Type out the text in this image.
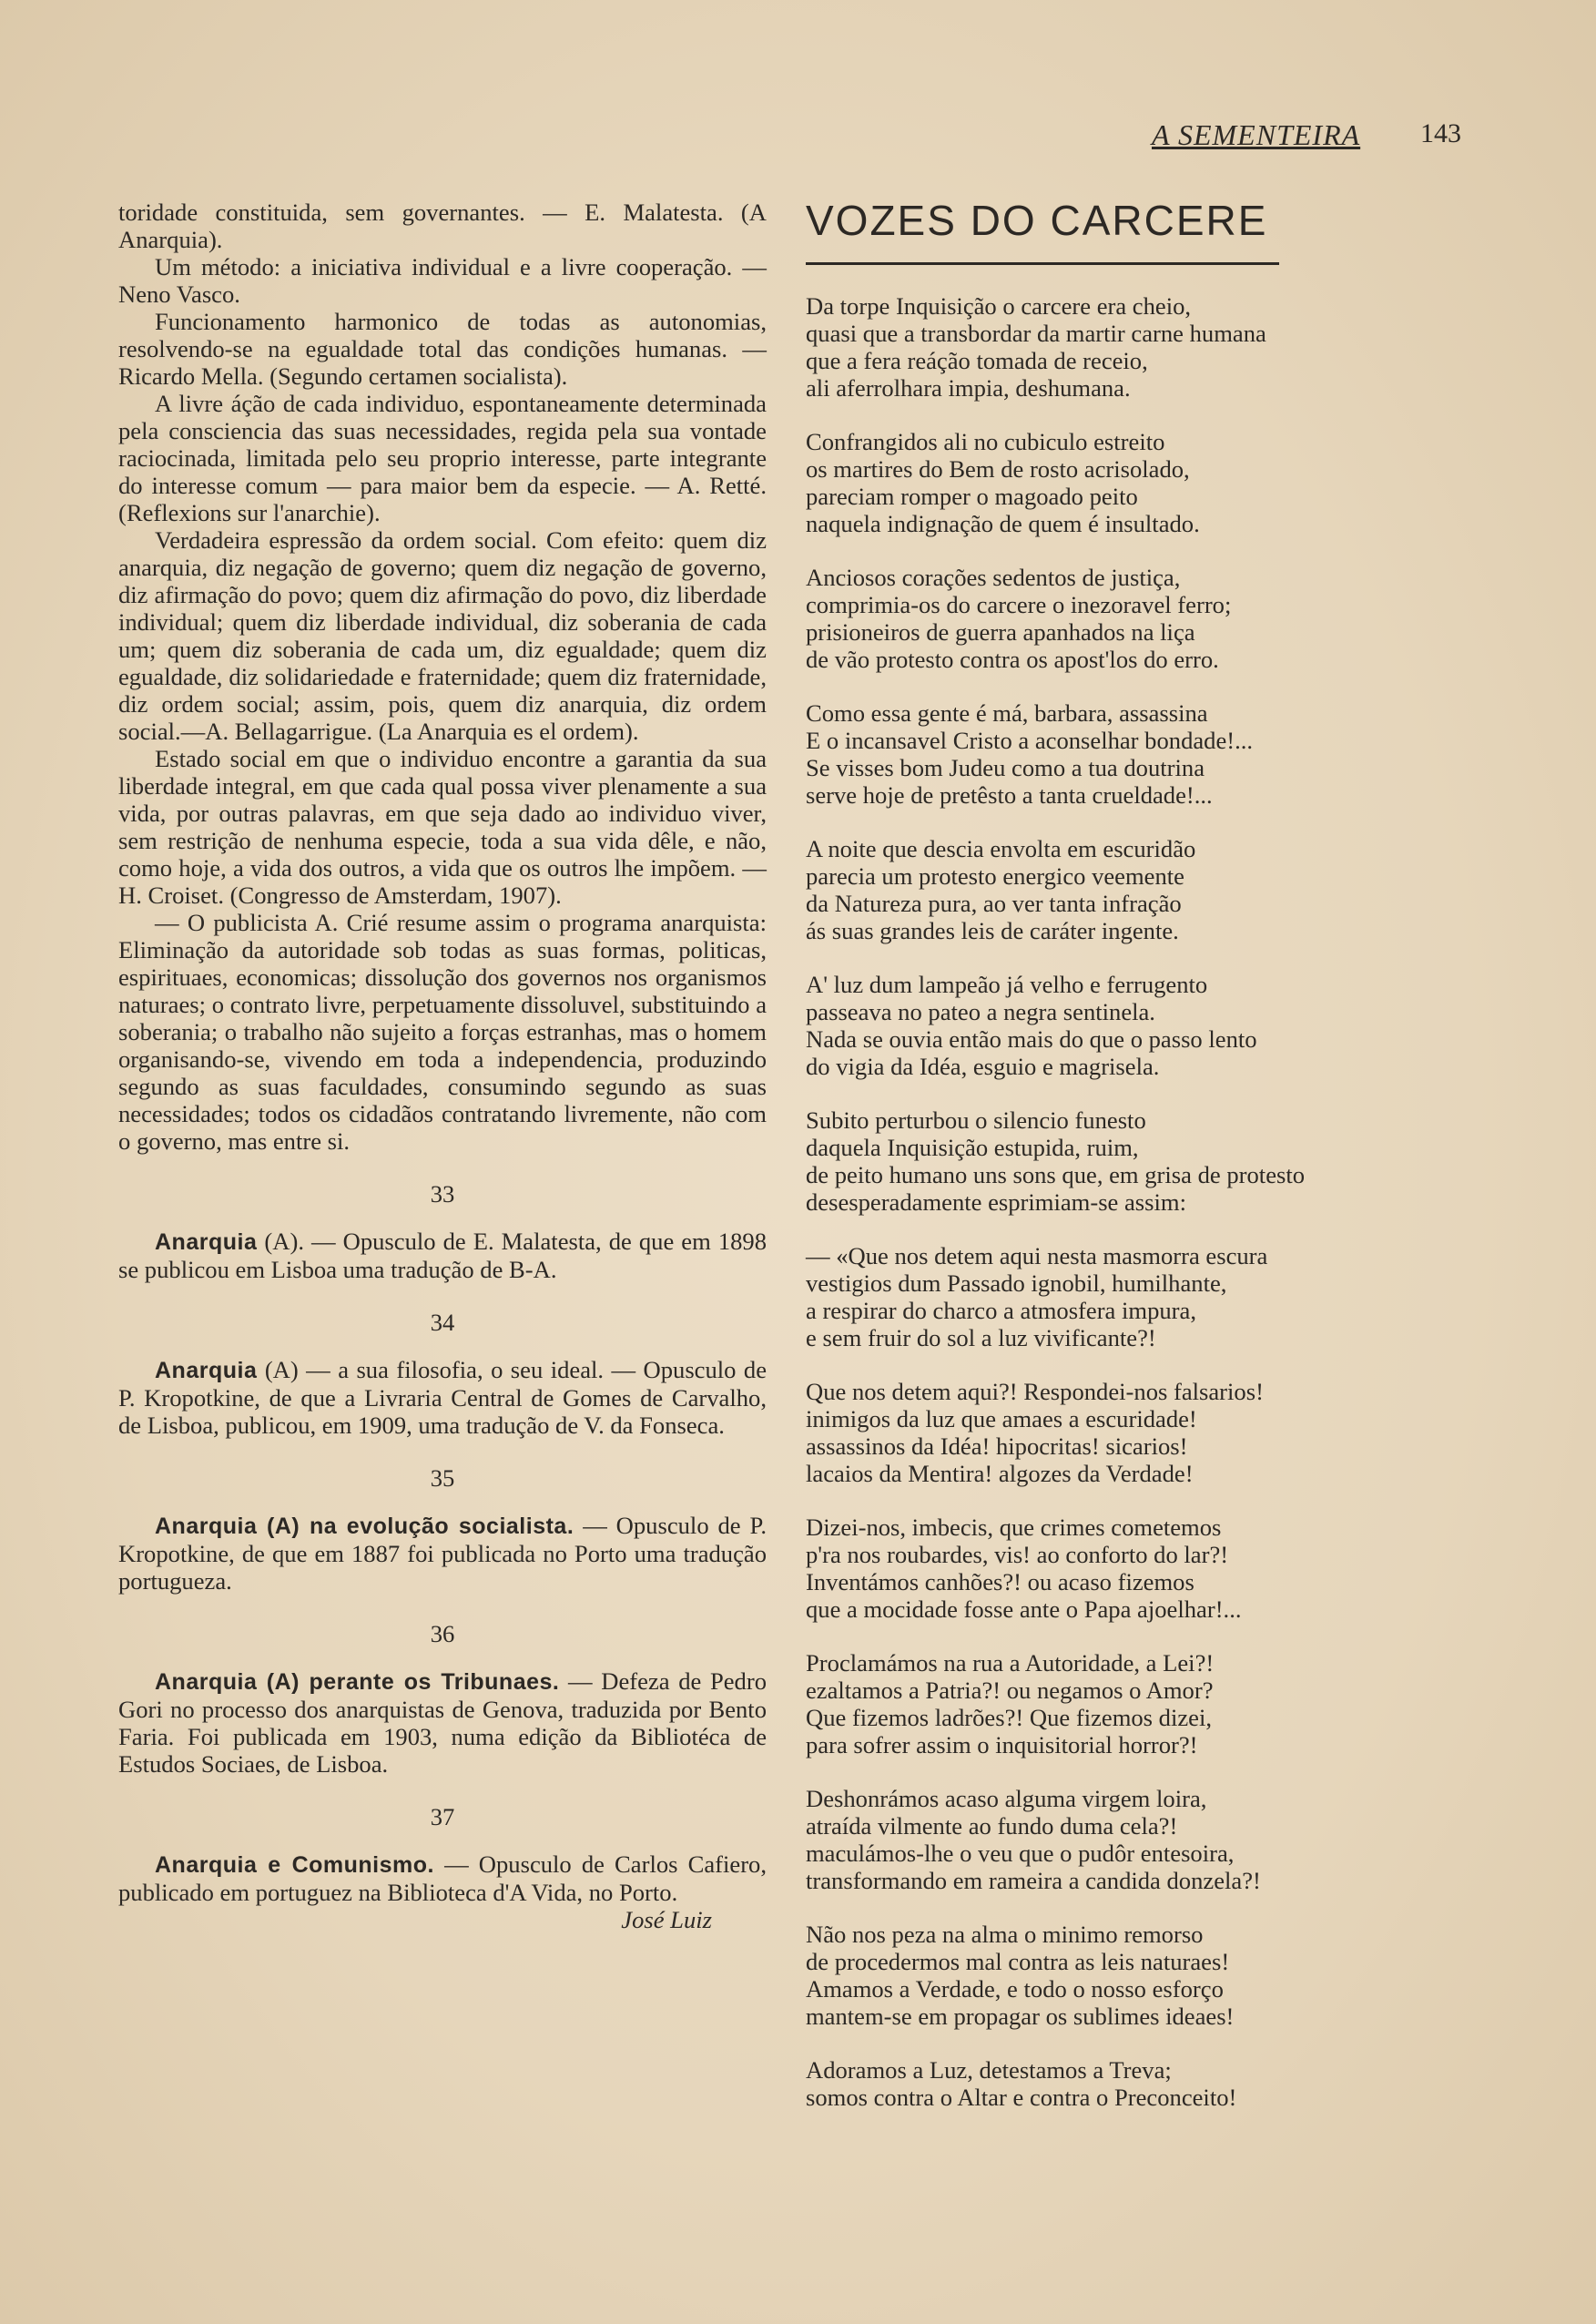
A SEMENTEIRA 143

toridade constituida, sem governantes. — E. Malatesta. (A Anarquia).

Um método: a iniciativa individual e a livre cooperação. — Neno Vasco.

Funcionamento harmonico de todas as autonomias, resolvendo-se na egualdade total das condições humanas. — Ricardo Mella. (Segundo certamen socialista).

A livre áção de cada individuo, espontaneamente determinada pela consciencia das suas necessidades, regida pela sua vontade raciocinada, limitada pelo seu proprio interesse, parte integrante do interesse comum — para maior bem da especie. — A. Retté. (Reflexions sur l'anarchie).

Verdadeira espressão da ordem social. Com efeito: quem diz anarquia, diz negação de governo; quem diz negação de governo, diz afirmação do povo; quem diz afirmação do povo, diz liberdade individual; quem diz liberdade individual, diz soberania de cada um; quem diz soberania de cada um, diz egualdade; quem diz egualdade, diz solidariedade e fraternidade; quem diz fraternidade, diz ordem social; assim, pois, quem diz anarquia, diz ordem social.—A. Bellagarrigue. (La Anarquia es el ordem).

Estado social em que o individuo encontre a garantia da sua liberdade integral, em que cada qual possa viver plenamente a sua vida, por outras palavras, em que seja dado ao individuo viver, sem restrição de nenhuma especie, toda a sua vida dêle, e não, como hoje, a vida dos outros, a vida que os outros lhe impõem. — H. Croiset. (Congresso de Amsterdam, 1907).

— O publicista A. Crié resume assim o programa anarquista: Eliminação da autoridade sob todas as suas formas, politicas, espirituaes, economicas; dissolução dos governos nos organismos naturaes; o contrato livre, perpetuamente dissoluvel, substituindo a soberania; o trabalho não sujeito a forças estranhas, mas o homem organisando-se, vivendo em toda a independencia, produzindo segundo as suas faculdades, consumindo segundo as suas necessidades; todos os cidadãos contratando livremente, não com o governo, mas entre si.

33

Anarquia (A). — Opusculo de E. Malatesta, de que em 1898 se publicou em Lisboa uma tradução de B-A.

34

Anarquia (A) — a sua filosofia, o seu ideal. — Opusculo de P. Kropotkine, de que a Livraria Central de Gomes de Carvalho, de Lisboa, publicou, em 1909, uma tradução de V. da Fonseca.

35

Anarquia (A) na evolução socialista. — Opusculo de P. Kropotkine, de que em 1887 foi publicada no Porto uma tradução portugueza.

36

Anarquia (A) perante os Tribunaes. — Defeza de Pedro Gori no processo dos anarquistas de Genova, traduzida por Bento Faria. Foi publicada em 1903, numa edição da Bibliotéca de Estudos Sociaes, de Lisboa.

37

Anarquia e Comunismo. — Opusculo de Carlos Cafiero, publicado em portuguez na Biblioteca d'A Vida, no Porto.

José Luiz

VOZES DO CARCERE
Da torpe Inquisição o carcere era cheio,
quasi que a transbordar da martir carne humana
que a fera reáção tomada de receio,
ali aferrolhara impia, deshumana.
Confrangidos ali no cubiculo estreito
os martires do Bem de rosto acrisolado,
pareciam romper o magoado peito
naquela indignação de quem é insultado.
Anciosos corações sedentos de justiça,
comprimia-os do carcere o inezoravel ferro;
prisioneiros de guerra apanhados na liça
de vão protesto contra os apost'los do erro.
Como essa gente é má, barbara, assassina
E o incansavel Cristo a aconselhar bondade!...
Se visses bom Judeu como a tua doutrina
serve hoje de pretêsto a tanta crueldade!...
A noite que descia envolta em escuridão
parecia um protesto energico veemente
da Natureza pura, ao ver tanta infração
ás suas grandes leis de caráter ingente.
A' luz dum lampeão já velho e ferrugento
passeava no pateo a negra sentinela.
Nada se ouvia então mais do que o passo lento
do vigia da Idéa, esguio e magrisela.
Subito perturbou o silencio funesto
daquela Inquisição estupida, ruim,
de peito humano uns sons que, em grisa de protesto
desesperadamente esprimiam-se assim:
— «Que nos detem aqui nesta masmorra escura
vestigios dum Passado ignobil, humilhante,
a respirar do charco a atmosfera impura,
e sem fruir do sol a luz vivificante?!
Que nos detem aqui?! Respondei-nos falsarios!
inimigos da luz que amaes a escuridade!
assassinos da Idéa! hipocritas! sicarios!
lacaios da Mentira! algozes da Verdade!
Dizei-nos, imbecis, que crimes cometemos
p'ra nos roubardes, vis! ao conforto do lar?!
Inventámos canhões?! ou acaso fizemos
que a mocidade fosse ante o Papa ajoelhar!...
Proclamámos na rua a Autoridade, a Lei?!
ezaltamos a Patria?! ou negamos o Amor?
Que fizemos ladrões?! Que fizemos dizei,
para sofrer assim o inquisitorial horror?!
Deshonrámos acaso alguma virgem loira,
atraída vilmente ao fundo duma cela?!
maculámos-lhe o veu que o pudôr entesoira,
transformando em rameira a candida donzela?!
Não nos peza na alma o minimo remorso
de procedermos mal contra as leis naturaes!
Amamos a Verdade, e todo o nosso esforço
mantem-se em propagar os sublimes ideaes!
Adoramos a Luz, detestamos a Treva;
somos contra o Altar e contra o Preconceito!
